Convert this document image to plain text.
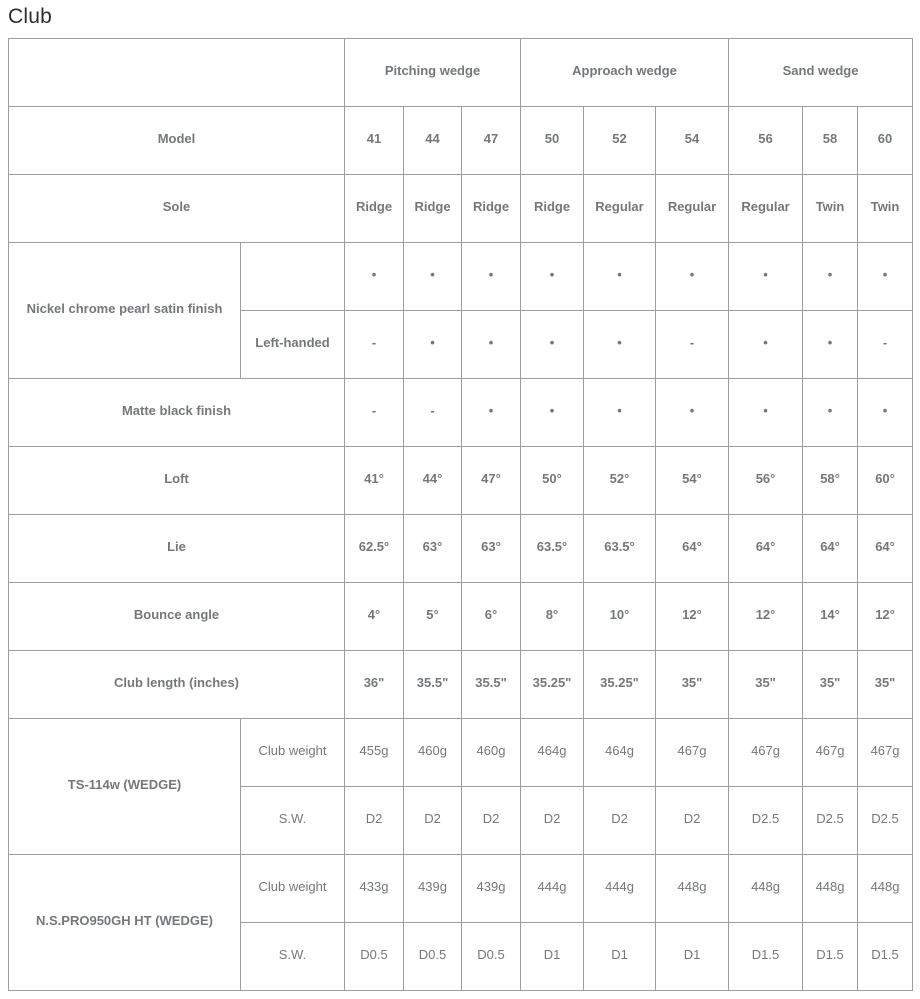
Club
		Pitching wedge			Approach wedge			Sand wedge		
Model		41	44	47	50	52	54	56	58	60
Sole		Ridge	Ridge	Ridge	Ridge	Regular	Regular	Regular	Twin	Twin
Nickel chrome pearl satin finish		•	•	•	•	•	•	•	•	•
	Left-handed	-	•	•	•	•	-	•	•	-
Matte black finish		-	-	•	•	•	•	•	•	•
Loft		41°	44°	47°	50°	52°	54°	56°	58°	60°
Lie		62.5°	63°	63°	63.5°	63.5°	64°	64°	64°	64°
Bounce angle		4°	5°	6°	8°	10°	12°	12°	14°	12°
Club length (inches)		36"	35.5"	35.5"	35.25"	35.25"	35"	35"	35"	35"
TS-114w (WEDGE)	Club weight	455g	460g	460g	464g	464g	467g	467g	467g	467g
	S.W.	D2	D2	D2	D2	D2	D2	D2.5	D2.5	D2.5
N.S.PRO950GH HT (WEDGE)	Club weight	433g	439g	439g	444g	444g	448g	448g	448g	448g
	S.W.	D0.5	D0.5	D0.5	D1	D1	D1	D1.5	D1.5	D1.5
